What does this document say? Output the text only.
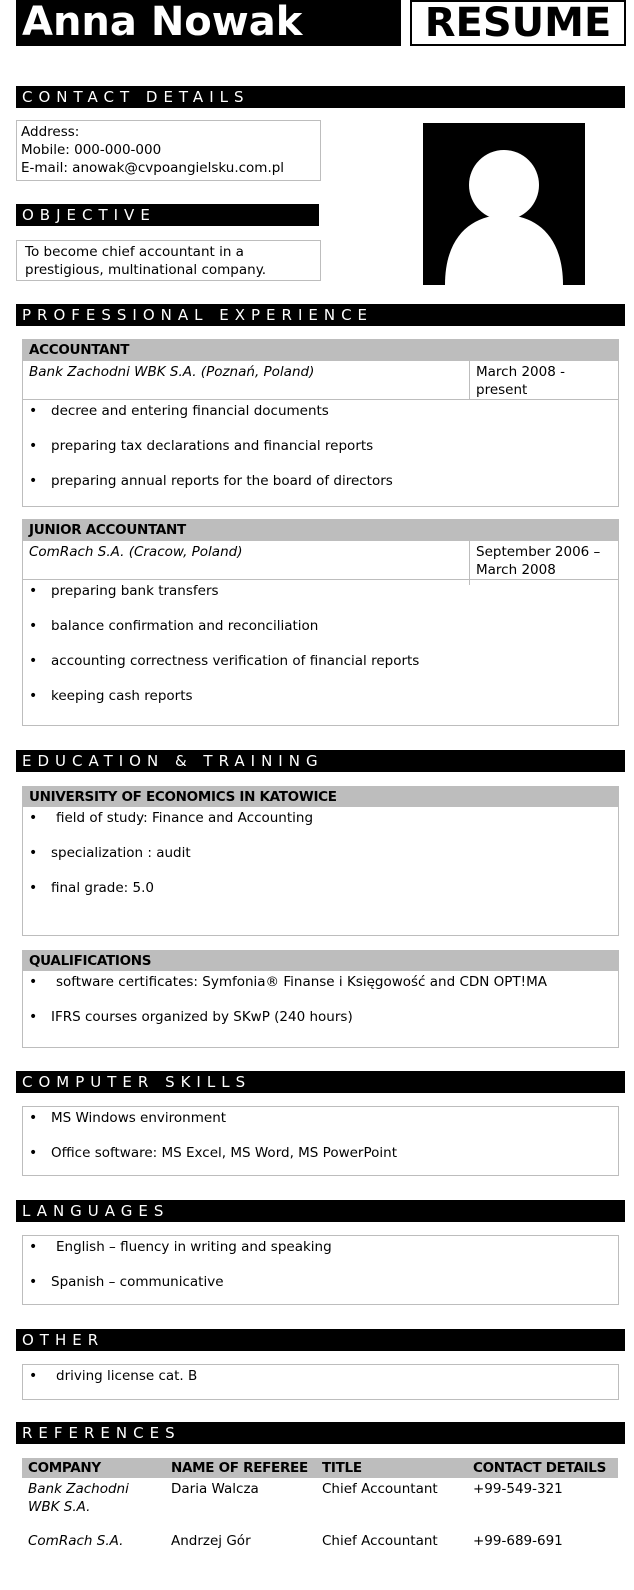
Anna Nowak	RESUME
CONTACT DETAILS
Address:
Mobile: 000-000-000
E-mail: anowak@cvpoangielsku.com.pl
OBJECTIVE
To become chief accountant in a prestigious, multinational company.
PROFESSIONAL EXPERIENCE
ACCOUNTANT
Bank Zachodni WBK S.A. (Poznań, Poland)	March 2008 - present
• decree and entering financial documents
• preparing tax declarations and financial reports
• preparing annual reports for the board of directors
JUNIOR ACCOUNTANT
ComRach S.A. (Cracow, Poland)	September 2006 – March 2008
• preparing bank transfers
• balance confirmation and reconciliation
• accounting correctness verification of financial reports
• keeping cash reports
EDUCATION & TRAINING
UNIVERSITY OF ECONOMICS IN KATOWICE
• field of study: Finance and Accounting
• specialization : audit
• final grade: 5.0
QUALIFICATIONS
• software certificates: Symfonia® Finanse i Księgowość and CDN OPT!MA
• IFRS courses organized by SKwP (240 hours)
COMPUTER SKILLS
• MS Windows environment
• Office software: MS Excel, MS Word, MS PowerPoint
LANGUAGES
• English – fluency in writing and speaking
• Spanish – communicative
OTHER
• driving license cat. B
REFERENCES
COMPANY	NAME OF REFEREE	TITLE	CONTACT DETAILS
Bank Zachodni WBK S.A.	Daria Walcza	Chief Accountant	+99-549-321
ComRach S.A.	Andrzej Gór	Chief Accountant	+99-689-691
